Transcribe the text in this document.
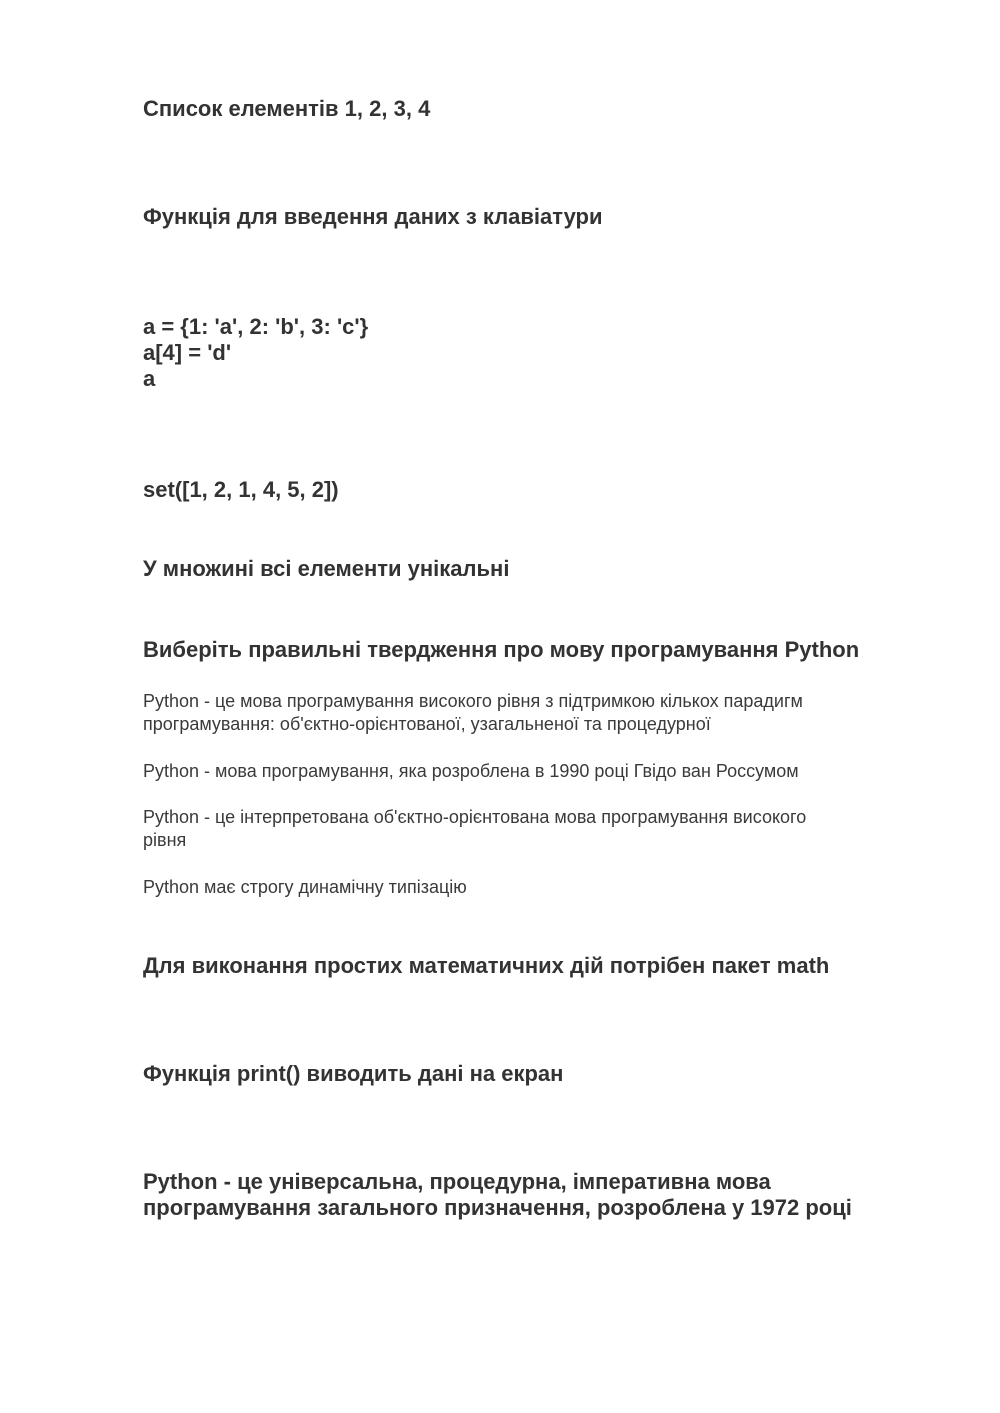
Список елементів 1, 2, 3, 4
Функція для введення даних з клавіатури
a = {1: 'a', 2: 'b', 3: 'c'}
a[4] = 'd'
a
set([1, 2, 1, 4, 5, 2])
У множині всі елементи унікальні
Виберіть правильні твердження про мову програмування Python
Python - це мова програмування високого рівня з підтримкою кількох парадигм
програмування: об'єктно-орієнтованої, узагальненої та процедурної
Python - мова програмування, яка розроблена в 1990 році Гвідо ван Россумом
Python - це інтерпретована об'єктно-орієнтована мова програмування високого
рівня
Python має строгу динамічну типізацію
Для виконання простих математичних дій потрібен пакет math
Функція print() виводить дані на екран
Python - це універсальна, процедурна, імперативна мова
програмування загального призначення, розроблена у 1972 році
